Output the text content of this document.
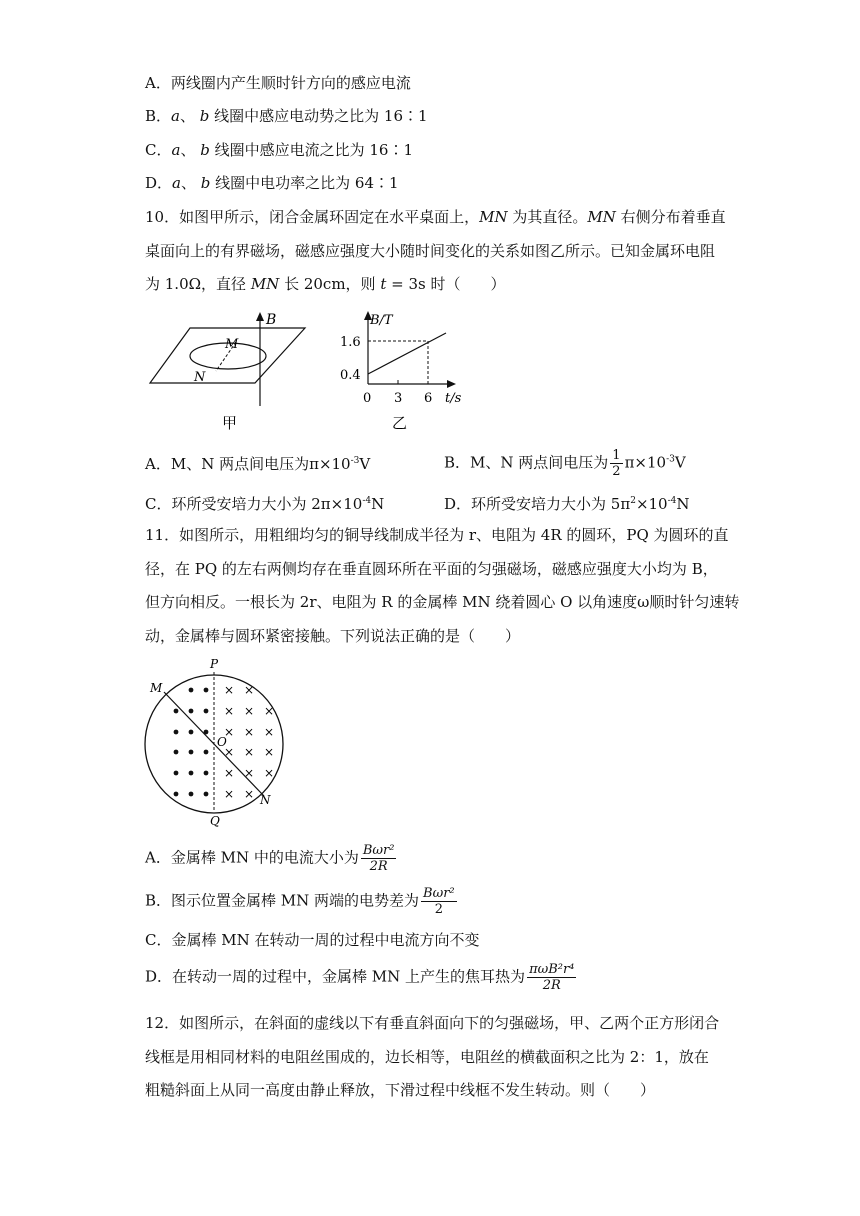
A．两线圈内产生顺时针方向的感应电流
B．a、 b 线圈中感应电动势之比为 16∶1
C．a、 b 线圈中感应电流之比为 16∶1
D．a、 b 线圈中电功率之比为 64∶1
10．如图甲所示，闭合金属环固定在水平桌面上，MN 为其直径。MN 右侧分布着垂直
桌面向上的有界磁场，磁感应强度大小随时间变化的关系如图乙所示。已知金属环电阻
为 1.0Ω，直径 MN 长 20cm，则 t = 3s 时（　　）
B
M
N
甲
B/T
1.6
0.4
0 3 6 t/s
乙
A．M、N 两点间电压为$\pi\times 10^{-3}V$	B．M、N 两点间电压为 $\frac{1}{2} \pi\times 10^{-3}V$
C．环所受安培力大小为 $2\pi\times 10^{-4}N$	D．环所受安培力大小为 $5\pi^2\times 10^{-4}N$
11．如图所示，用粗细均匀的铜导线制成半径为 r、电阻为 4R 的圆环，PQ 为圆环的直
径，在 PQ 的左右两侧均存在垂直圆环所在平面的匀强磁场，磁感应强度大小均为 B，
但方向相反。一根长为 2r、电阻为 R 的金属棒 MN 绕着圆心 O 以角速度ω顺时针匀速转
动，金属棒与圆环紧密接触。下列说法正确的是（　　）
× ×
× × ×
× × ×
× × ×
× × ×
× ×
P
Q
M
N
O
A．金属棒 MN 中的电流大小为 $\frac{\text{Bωr²}}{2R}$
B．图示位置金属棒 MN 两端的电势差为 $\frac{\text{Bωr²}}{2}$
C．金属棒 MN 在转动一周的过程中电流方向不变
D．在转动一周的过程中，金属棒 MN 上产生的焦耳热为 $\frac{\text{πωB²r⁴}}{2R}$
12．如图所示，在斜面的虚线以下有垂直斜面向下的匀强磁场，甲、乙两个正方形闭合
线框是用相同材料的电阻丝围成的，边长相等，电阻丝的横截面积之比为 2：1，放在
粗糙斜面上从同一高度由静止释放，下滑过程中线框不发生转动。则（　　）
